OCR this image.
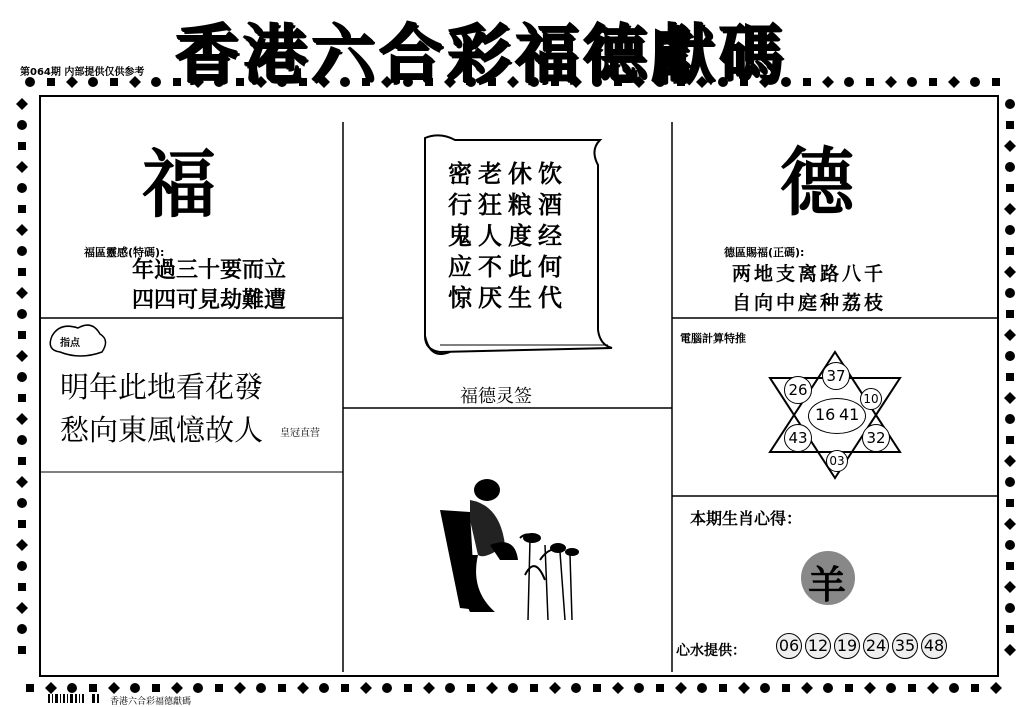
香港六合彩福德獻碼
第064期 内部提供仅供参考
福
福區靈感(特碼):
年過三十要而立
四四可見劫難遭
指点
明年此地看花發
愁向東風憶故人 皇冠直营
密老休饮
行狂粮酒
鬼人度经
应不此何
惊厌生代
福德灵签
德
德區賜福(正碼):
两地支离路八千
自向中庭种荔枝
電腦計算特推
37
26	10
43	32
03
16 41
本期生肖心得：
羊
心水提供： 06 12 19 24 35 48
香港六合彩福德獻碼
